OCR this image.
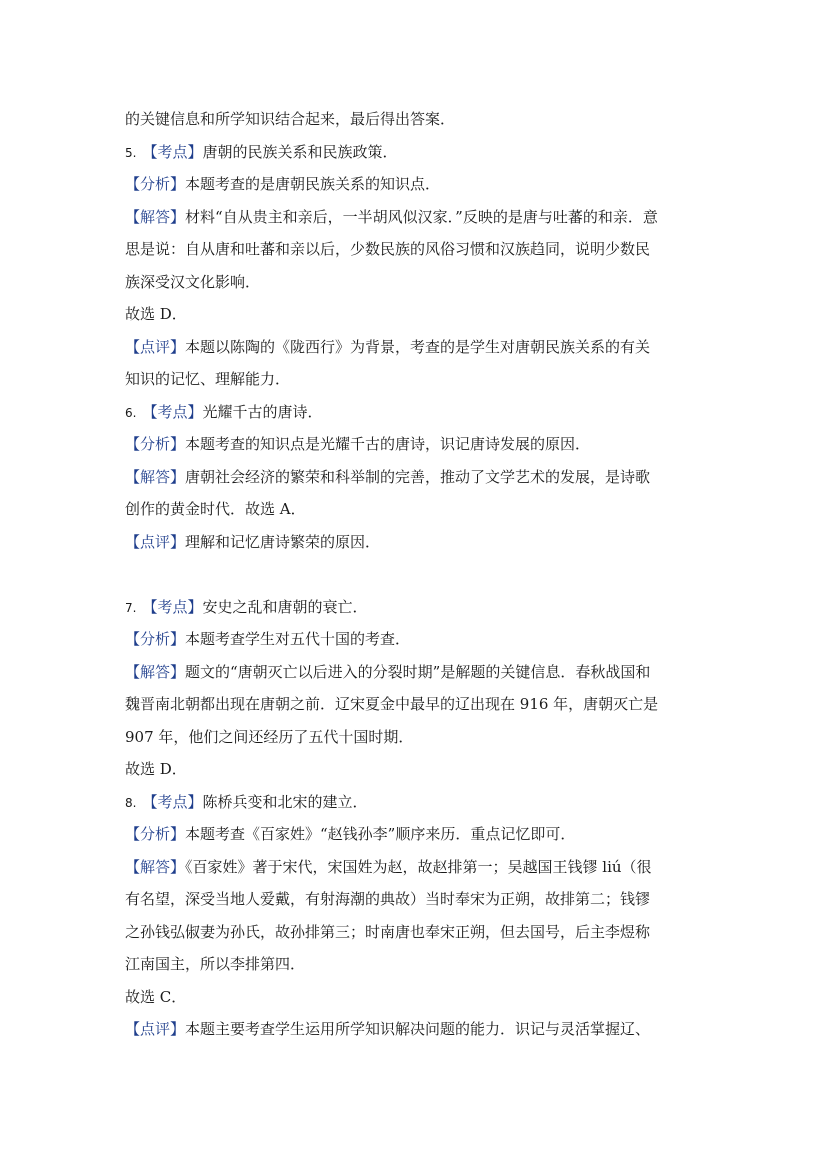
的关键信息和所学知识结合起来，最后得出答案．
5. 【考点】唐朝的民族关系和民族政策．
【分析】本题考查的是唐朝民族关系的知识点．
【解答】材料“自从贵主和亲后，一半胡风似汉家．”反映的是唐与吐蕃的和亲．意
思是说：自从唐和吐蕃和亲以后，少数民族的风俗习惯和汉族趋同，说明少数民
族深受汉文化影响．
故选 D．
【点评】本题以陈陶的《陇西行》为背景，考查的是学生对唐朝民族关系的有关
知识的记忆、理解能力．
6. 【考点】光耀千古的唐诗．
【分析】本题考查的知识点是光耀千古的唐诗，识记唐诗发展的原因．
【解答】唐朝社会经济的繁荣和科举制的完善，推动了文学艺术的发展，是诗歌
创作的黄金时代．故选 A．
【点评】理解和记忆唐诗繁荣的原因．
7. 【考点】安史之乱和唐朝的衰亡．
【分析】本题考查学生对五代十国的考查．
【解答】题文的“唐朝灭亡以后进入的分裂时期”是解题的关键信息．春秋战国和
魏晋南北朝都出现在唐朝之前．辽宋夏金中最早的辽出现在 916 年，唐朝灭亡是
907 年，他们之间还经历了五代十国时期．
故选 D．
8. 【考点】陈桥兵变和北宋的建立．
【分析】本题考查《百家姓》“赵钱孙李”顺序来历．重点记忆即可．
【解答】《百家姓》著于宋代，宋国姓为赵，故赵排第一；吴越国王钱镠 liú（很
有名望，深受当地人爱戴，有射海潮的典故）当时奉宋为正朔，故排第二；钱镠
之孙钱弘俶妻为孙氏，故孙排第三；时南唐也奉宋正朔，但去国号，后主李煜称
江南国主，所以李排第四．
故选 C．
【点评】本题主要考查学生运用所学知识解决问题的能力．识记与灵活掌握辽、
